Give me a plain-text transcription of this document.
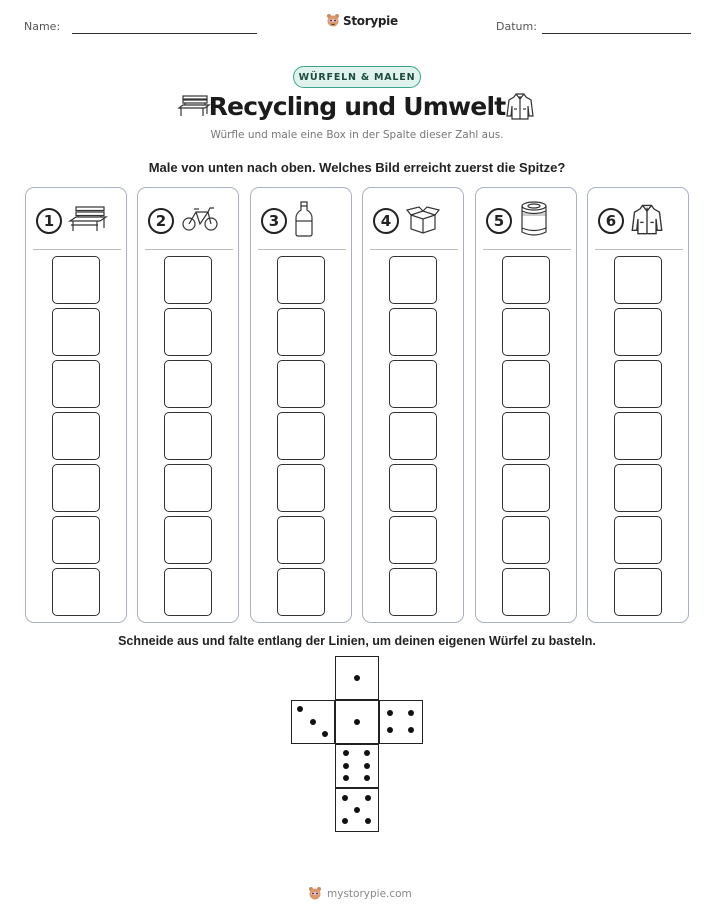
Name:	Storypie	Datum:
WÜRFELN & MALEN
Recycling und Umwelt
Würfle und male eine Box in der Spalte dieser Zahl aus.
Male von unten nach oben. Welches Bild erreicht zuerst die Spitze?
1	2	3	4	5	6
Schneide aus und falte entlang der Linien, um deinen eigenen Würfel zu basteln.
mystorypie.com
